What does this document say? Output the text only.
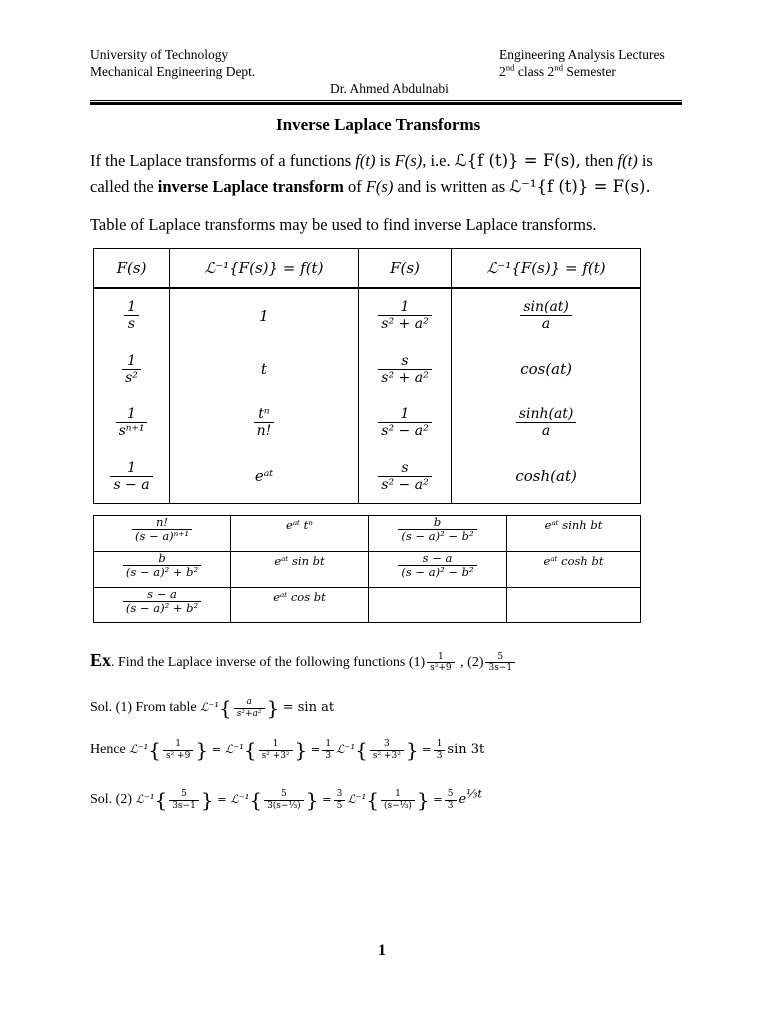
University of Technology
Mechanical Engineering Dept.
Engineering Analysis Lectures
2nd class 2nd Semester
Dr. Ahmed Abdulnabi
Inverse Laplace Transforms
If the Laplace transforms of a functions f(t) is F(s), i.e. ℒ{f (t)} = F(s), then f(t) is
called the inverse Laplace transform of F(s) and is written as ℒ⁻¹{f (t)} = F(s).
Table of Laplace transforms may be used to find inverse Laplace transforms.
F(s)	ℒ⁻¹{F(s)} = f(t)	F(s)	ℒ⁻¹{F(s)} = f(t)

$\frac{1}{s}$	1	$\frac{1}{\text{s² + a²}}$	$\frac{\sin(at)}{a}$

$\frac{1}{\text{s²}}$	t	$\frac{s}{\text{s² + a²}}$	cos(at)

$\frac{1}{\text{sⁿ⁺¹}}$	$\frac{\text{tⁿ}}{n!}$	$\frac{1}{\text{s² − a²}}$	$\frac{\sinh(at)}{a}$

$\frac{1}{s - a}$	eᵃᵗ	$\frac{s}{\text{s² − a²}}$	cosh(at)
$\frac{n!}{\text{(s − a)ⁿ⁺¹}}$	eᵃᵗ tⁿ	$\frac{b}{\text{(s − a)² − b²}}$	eᵃᵗ sinh bt

$\frac{b}{\text{(s − a)² + b²}}$	eᵃᵗ sin bt	$\frac{s - a}{\text{(s − a)² − b²}}$	eᵃᵗ cosh bt

$\frac{s - a}{\text{(s − a)² + b²}}$	eᵃᵗ cos bt		
Ex. Find the Laplace inverse of the following functions $(1) \frac{1}{\text{s²+9}}$ , $(2) \frac{5}{3s-1}$
Sol. (1) From table ℒ⁻¹{ $\frac{a}{\text{s²+a²}}$ } = sin at
Hence ℒ⁻¹{ $\frac{1}{\text{s² +9}}$ } = ℒ⁻¹{ $\frac{1}{\text{s² +3²}}$ } = $\frac{1}{3}$ ℒ⁻¹{ $\frac{3}{\text{s² +3²}}$ } = $\frac{1}{3}$ sin 3t
Sol. (2) ℒ⁻¹{ $\frac{5}{3s-1}$ } = ℒ⁻¹{ $\frac{5}{\text{3(s−⅓)}}$ } = $\frac{3}{5}$ ℒ⁻¹{ $\frac{1}{\text{(s−⅓)}}$ } = $\frac{5}{3} e^{\frac{1}{3}t}$
1
